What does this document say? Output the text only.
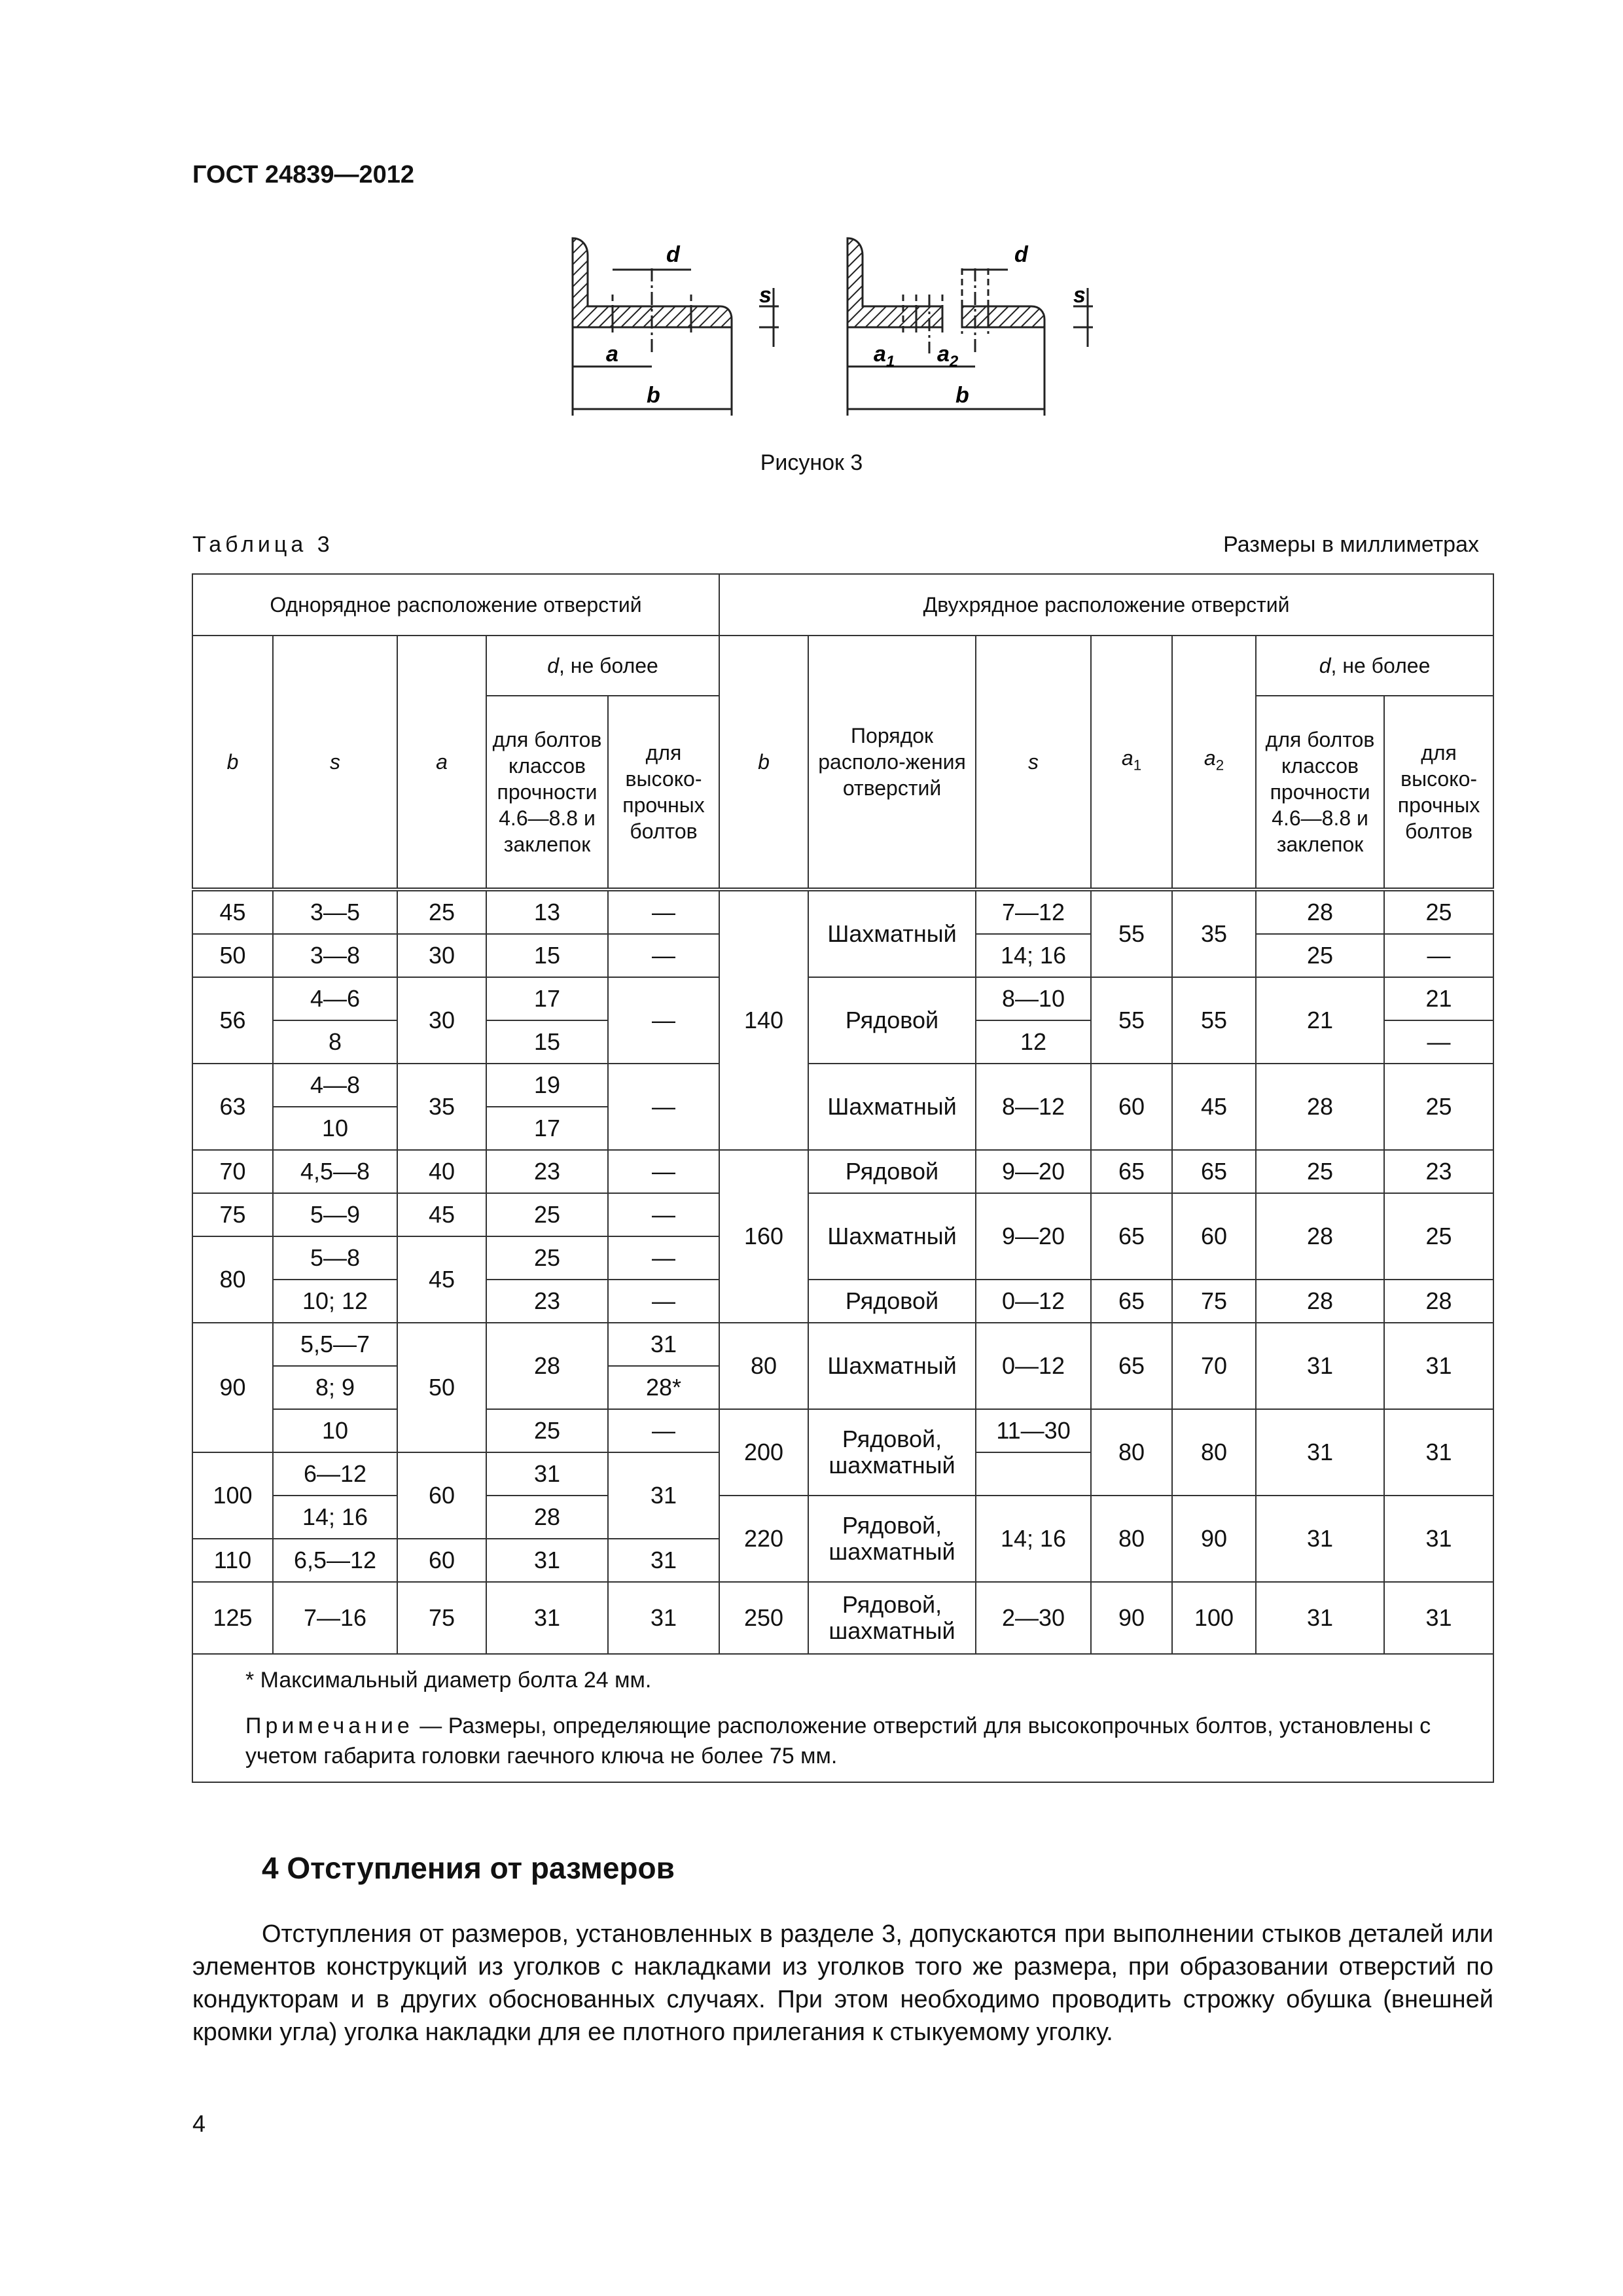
ГОСТ 24839—2012
d
s
a
b
d
s
$a_1$ $a_2$
b
Рисунок 3
Таблица 3	Размеры в миллиметрах
Однорядное расположение отверстий					Двухрядное расположение отверстий						
b	s	a	d, не более		b	Порядок располо-жения отверстий	s	$a_1$	$a_2$	d, не более	
			для болтов классов прочности 4.6—8.8 и заклепок	для высоко-прочных болтов						для болтов классов прочности 4.6—8.8 и заклепок	для высоко-прочных болтов
45	3—5	25	13	—	140	Шахматный	7—12	55	35	28	25
50	3—8	30	15	—			14; 16			25	—
56	4—6	30	17	—		Рядовой	8—10	55	55	21	21
	8		15				12				—
63	4—8	35	19	—		Шахматный	8—12	60	45	28	25
	10		17								
70	4,5—8	40	23	—	160	Рядовой	9—20	65	65	25	23
75	5—9	45	25	—		Шахматный	9—20	65	60	28	25
80	5—8	45	25	—							
	10; 12		23	—		Рядовой	0—12	65	75	28	28
90	5,5—7	50	28	31	80	Шахматный	0—12	65	70	31	31
	8; 9			28*							
	10		25	—	200	Рядовой, шахматный	11—30	80	80	31	31
100	6—12	60	31	31							
	14; 16		28		220	Рядовой, шахматный	14; 16	80	90	31	31
110	6,5—12	60	31	31							
125	7—16	75	31	31	250	Рядовой, шахматный	2—30	90	100	31	31

* Максимальный диаметр болта 24 мм.
Примечание — Размеры, определяющие расположение отверстий для высокопрочных болтов, установлены с учетом габарита головки гаечного ключа не более 75 мм.											
4 Отступления от размеров
Отступления от размеров, установленных в разделе 3, допускаются при выполнении стыков деталей или элементов конструкций из уголков с накладками из уголков того же размера, при образовании отверстий по кондукторам и в других обоснованных случаях. При этом необходимо проводить строжку обушка (внешней кромки угла) уголка накладки для ее плотного прилегания к стыкуемому уголку.
4
